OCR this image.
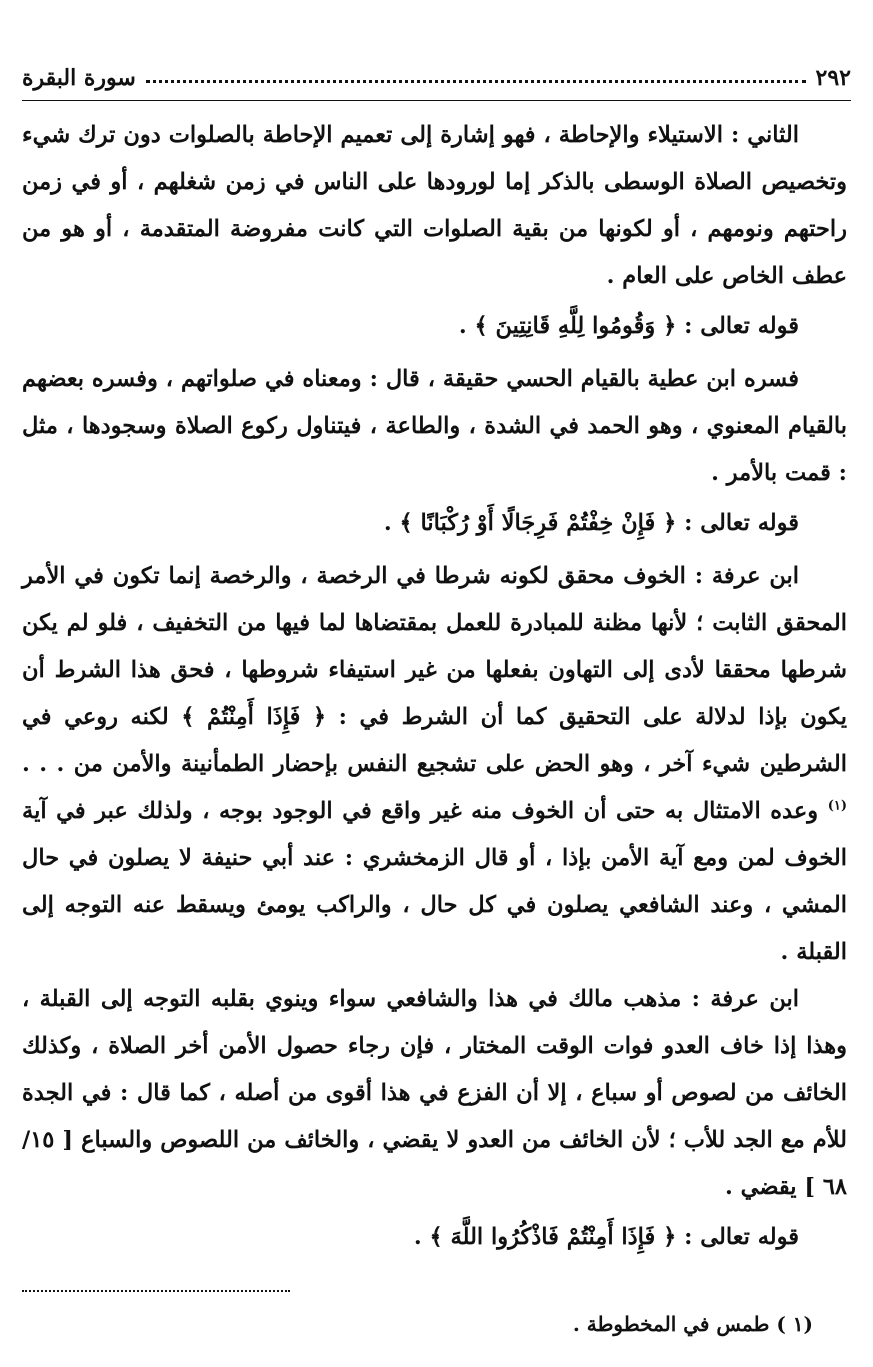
٢٩٢
سورة البقرة

الثاني : الاستيلاء والإحاطة ، فهو إشارة إلى تعميم الإحاطة بالصلوات دون ترك شيء وتخصيص الصلاة الوسطى بالذكر إما لورودها على الناس في زمن شغلهم ، أو في زمن راحتهم ونومهم ، أو لكونها من بقية الصلوات التي كانت مفروضة المتقدمة ، أو هو من عطف الخاص على العام .

قوله تعالى : ﴿ وَقُومُوا لِلَّهِ قَانِتِينَ ﴾ .

فسره ابن عطية بالقيام الحسي حقيقة ، قال : ومعناه في صلواتهم ، وفسره بعضهم بالقيام المعنوي ، وهو الحمد في الشدة ، والطاعة ، فيتناول ركوع الصلاة وسجودها ، مثل : قمت بالأمر .

قوله تعالى : ﴿ فَإِنْ خِفْتُمْ فَرِجَالًا أَوْ رُكْبَانًا ﴾ .

ابن عرفة : الخوف محقق لكونه شرطا في الرخصة ، والرخصة إنما تكون في الأمر المحقق الثابت ؛ لأنها مظنة للمبادرة للعمل بمقتضاها لما فيها من التخفيف ، فلو لم يكن شرطها محققا لأدى إلى التهاون بفعلها من غير استيفاء شروطها ، فحق هذا الشرط أن يكون بإذا لدلالة على التحقيق كما أن الشرط في : ﴿ فَإِذَا أَمِنْتُمْ ﴾ لكنه روعي في الشرطين شيء آخر ، وهو الحض على تشجيع النفس بإحضار الطمأنينة والأمن من . . . $^{(١)}$ وعده الامتثال به حتى أن الخوف منه غير واقع في الوجود بوجه ، ولذلك عبر في آية الخوف لمن ومع آية الأمن بإذا ، أو قال الزمخشري : عند أبي حنيفة لا يصلون في حال المشي ، وعند الشافعي يصلون في كل حال ، والراكب يومئ ويسقط عنه التوجه إلى القبلة .

ابن عرفة : مذهب مالك في هذا والشافعي سواء وينوي بقلبه التوجه إلى القبلة ، وهذا إذا خاف العدو فوات الوقت المختار ، فإن رجاء حصول الأمن أخر الصلاة ، وكذلك الخائف من لصوص أو سباع ، إلا أن الفزع في هذا أقوى من أصله ، كما قال : في الجدة للأم مع الجد للأب ؛ لأن الخائف من العدو لا يقضي ، والخائف من اللصوص والسباع [ ١٥/ ٦٨ ] يقضي .

قوله تعالى : ﴿ فَإِذَا أَمِنْتُمْ فَاذْكُرُوا اللَّهَ ﴾ .

(١ ) طمس في المخطوطة .
